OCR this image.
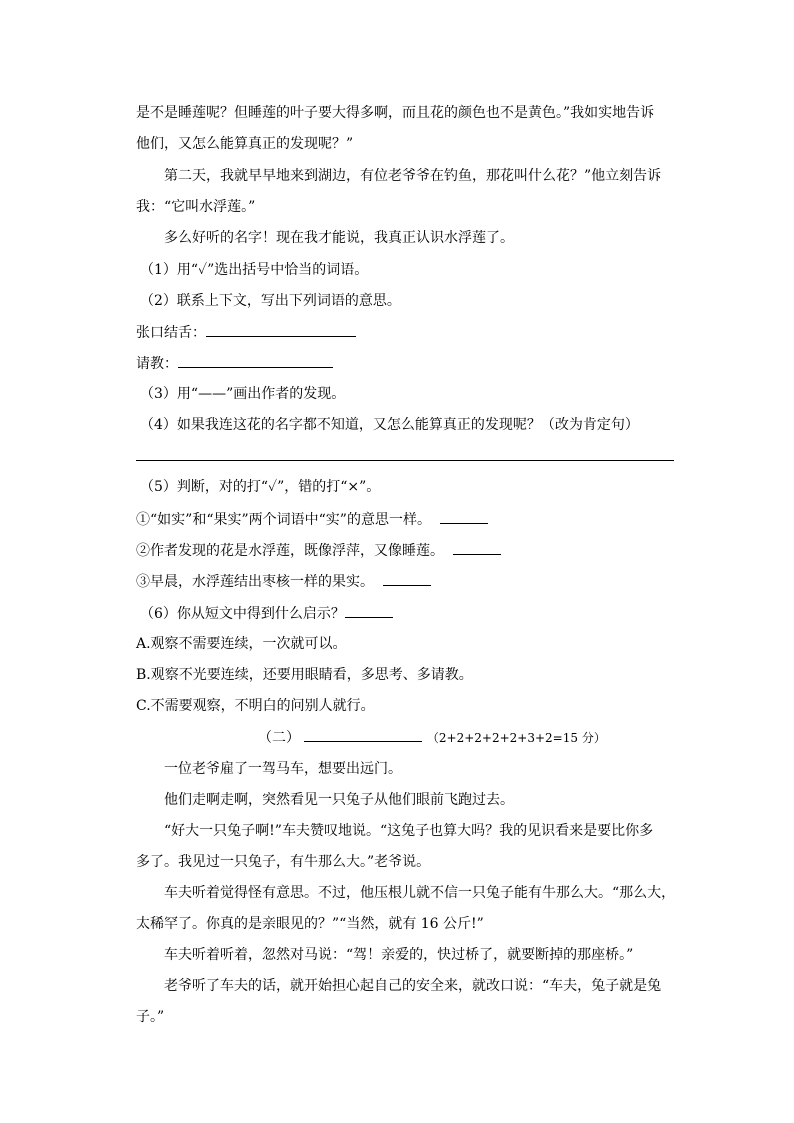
是不是睡莲呢？但睡莲的叶子要大得多啊，而且花的颜色也不是黄色。”我如实地告诉
他们，又怎么能算真正的发现呢？”
第二天，我就早早地来到湖边，有位老爷爷在钓鱼，那花叫什么花？”他立刻告诉
我：“它叫水浮莲。”
多么好听的名字！现在我才能说，我真正认识水浮莲了。
（1）用“✓”选出括号中恰当的词语。
（2）联系上下文，写出下列词语的意思。
张口结舌：
请教：
（3）用“——”画出作者的发现。
（4）如果我连这花的名字都不知道，又怎么能算真正的发现呢？（改为肯定句）
（5）判断，对的打“✓”，错的打“×”。
①“如实”和“果实”两个词语中“实”的意思一样。
②作者发现的花是水浮莲，既像浮萍，又像睡莲。
③早晨，水浮莲结出枣核一样的果实。
（6）你从短文中得到什么启示？
A.观察不需要连续，一次就可以。
B.观察不光要连续，还要用眼睛看，多思考、多请教。
C.不需要观察，不明白的问别人就行。
（二）	（2+2+2+2+2+3+2=15 分）
一位老爷雇了一驾马车，想要出远门。
他们走啊走啊，突然看见一只兔子从他们眼前飞跑过去。
“好大一只兔子啊!”车夫赞叹地说。“这兔子也算大吗？我的见识看来是要比你多
多了。我见过一只兔子，有牛那么大。”老爷说。
车夫听着觉得怪有意思。不过，他压根儿就不信一只兔子能有牛那么大。“那么大，
太稀罕了。你真的是亲眼见的？”“当然，就有 16 公斤!”
车夫听着听着，忽然对马说：“驾！亲爱的，快过桥了，就要断掉的那座桥。”
老爷听了车夫的话，就开始担心起自己的安全来，就改口说：“车夫，兔子就是兔
子。”
